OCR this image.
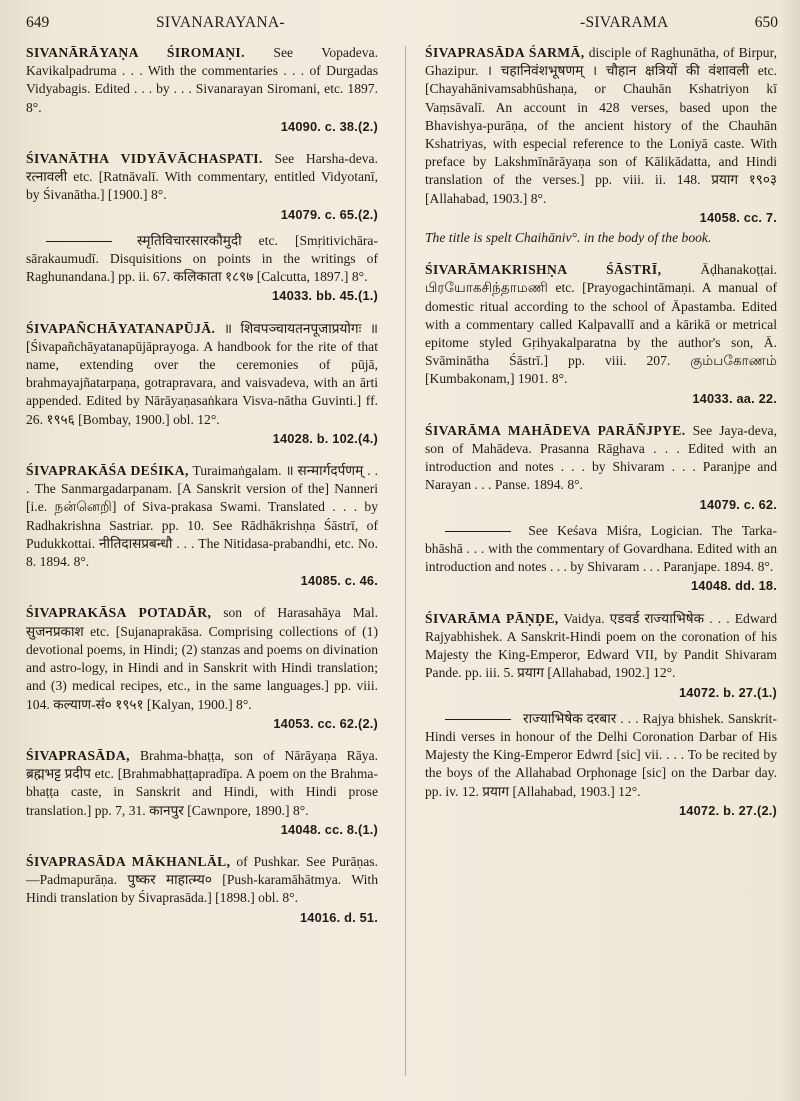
649	SIVANARAYANA-	-SIVARAMA	650
SIVANĀRĀYAṆA ŚIROMAṆI. See Vopadeva. Kavikalpadruma . . . With the commentaries . . . of Durgadas Vidyabagis. Edited . . . by . . . Sivanarayan Siromani, etc. 1897. 8°.
14090. c. 38.(2.)
ŚIVANĀTHA VIDYĀVĀCHASPATI. See Harsha-deva. रत्नावली etc. [Ratnāvalī. With commentary, entitled Vidyotanī, by Śivanātha.] [1900.] 8°.
14079. c. 65.(2.)
स्मृतिविचारसारकौमुदी etc. [Smṛitivichāra-sārakaumudī. Disquisitions on points in the writings of Raghunandana.] pp. ii. 67. कलिकाता १८९७ [Calcutta, 1897.] 8°.
14033. bb. 45.(1.)
ŚIVAPAÑCHĀYATANAPŪJĀ. ॥ शिवपञ्चायतनपूजाप्रयोगः ॥ [Śivapañchāyatanapūjāprayoga. A handbook for the rite of that name, extending over the ceremonies of pūjā, brahmayajñatarpaṇa, gotrapravara, and vaisvadeva, with an ārti appended. Edited by Nārāyaṇasaṅkara Visva-nātha Guvinti.] ff. 26. १९५६ [Bombay, 1900.] obl. 12°.
14028. b. 102.(4.)
ŚIVAPRAKĀŚA DEŚIKA, Turaimaṅgalam. ॥ सन्मार्गदर्पणम् . . . The Sanmargadarpanam. [A Sanskrit version of the] Nanneri [i.e. நன்னெறி] of Siva-prakasa Swami. Translated . . . by Radhakrishna Sastriar. pp. 10. See Rādhākrishṇa Śāstrī, of Pudukkottai. नीतिदासप्रबन्धौ . . . The Nitidasa-prabandhi, etc. No. 8. 1894. 8°.
14085. c. 46.
ŚIVAPRAKĀSA POTADĀR, son of Harasahāya Mal. सुजनप्रकाश etc. [Sujanaprakāsa. Comprising collections of (1) devotional poems, in Hindi; (2) stanzas and poems on divination and astro-logy, in Hindi and in Sanskrit with Hindi translation; and (3) medical recipes, etc., in the same languages.] pp. viii. 104. कल्याण-सं० १९५१ [Kalyan, 1900.] 8°.
14053. cc. 62.(2.)
ŚIVAPRASĀDA, Brahma-bhaṭṭa, son of Nārāyaṇa Rāya. ब्रह्मभट्ट प्रदीप etc. [Brahmabhaṭṭapradīpa. A poem on the Brahma-bhaṭṭa caste, in Sanskrit and Hindi, with Hindi prose translation.] pp. 7, 31. कानपुर [Cawnpore, 1890.] 8°.
14048. cc. 8.(1.)
ŚIVAPRASĀDA MĀKHANLĀL, of Pushkar. See Purāṇas.—Padmapurāṇa. पुष्कर माहात्म्य० [Push-karamāhātmya. With Hindi translation by Śivaprasāda.] [1898.] obl. 8°.
14016. d. 51.
ŚIVAPRASĀDA ŚARMĀ, disciple of Raghunātha, of Birpur, Ghazipur. । चहानिवंशभूषणम् । चौहान क्षत्रियों की वंशावली etc. [Chayahānivamsabhūshaṇa, or Chauhān Kshatriyon kī Vaṃsāvalī. An account in 428 verses, based upon the Bhavishya-purāṇa, of the ancient history of the Chauhān Kshatriyas, with especial reference to the Loniyā caste. With preface by Lakshmīnārāyaṇa son of Kālikādatta, and Hindi translation of the verses.] pp. viii. ii. 148. प्रयाग १९०३ [Allahabad, 1903.] 8°.
14058. cc. 7.
The title is spelt Chaihāniv°. in the body of the book.
ŚIVARĀMAKRISHṆA ŚĀSTRĪ,	Āḍhanakoṭṭai. பிரயோகசிந்தாமணி etc. [Prayogachintāmaṇi. A manual of domestic ritual according to the school of Āpastamba. Edited with a commentary called Kalpavallī and a kārikā or metrical epitome styled Gṛihyakalparatna by the author's son, Ā. Svāminātha Śāstrī.] pp. viii. 207. கும்பகோணம் [Kumbakonam,] 1901. 8°.
14033. aa. 22.
ŚIVARĀMA MAHĀDEVA PARĀÑJPYE. See Jaya-deva, son of Mahādeva. Prasanna Rāghava . . . Edited with an introduction and notes . . . by Shivaram . . . Paranjpe and Narayan . . . Panse. 1894. 8°.
14079. c. 62.
See Keśava Miśra, Logician. The Tarka-bhāshā . . . with the commentary of Govardhana. Edited with an introduction and notes . . . by Shivaram . . . Paranjape. 1894. 8°.
14048. dd. 18.
ŚIVARĀMA PĀṆḌE, Vaidya. एडवर्ड राज्याभिषेक . . . Edward Rajyabhishek. A Sanskrit-Hindi poem on the coronation of his Majesty the King-Emperor, Edward VII, by Pandit Shivaram Pande. pp. iii. 5. प्रयाग [Allahabad, 1902.] 12°.
14072. b. 27.(1.)
राज्याभिषेक दरबार . . . Rajya bhishek. Sanskrit-Hindi verses in honour of the Delhi Coronation Darbar of His Majesty the King-Emperor Edwrd [sic] vii. . . . To be recited by the boys of the Allahabad Orphonage [sic] on the Darbar day. pp. iv. 12. प्रयाग [Allahabad, 1903.] 12°.
14072. b. 27.(2.)
